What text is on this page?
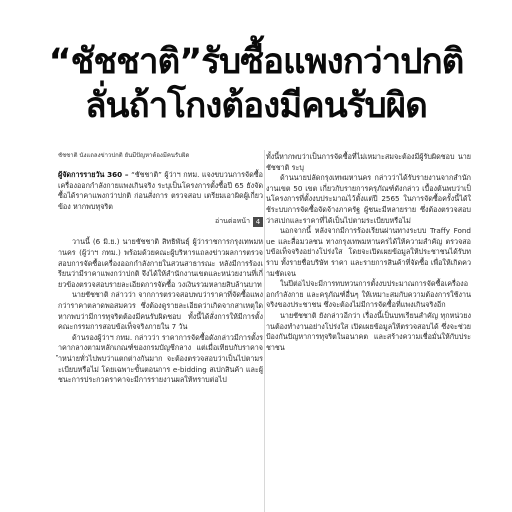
“ชัชชาติ”รับซื้อแพงกว่าปกติ
ลั่นถ้าโกงต้องมีคนรับผิด

ชัชชาติ นั่งแถลงข่าวปกติ ยันมีปัญหาต้องมีคนรับผิด

ผู้จัดการรายวัน 360 – “ชัชชาติ” ผู้ว่าฯ กทม. แจงขบวนการจัดซื้อเครื่องออกกำลังกายแพงเกินจริง ระบุเป็นโครงการตั้งซื้อปี 65 ยังจัดซื้อได้ราคาแพงกว่าปกติ ก่อนสั่งการ ตรวจสอบ เตรียมเอาผิดผู้เกี่ยวข้อง หากพบทุจริต

อ่านต่อหน้า 4

วานนี้ (6 มิ.ย.) นายชัชชาติ สิทธิพันธุ์ ผู้ว่าราชการกรุงเทพมหานคร (ผู้ว่าฯ กทม.) พร้อมด้วยคณะผู้บริหารแถลงข่าวผลการตรวจสอบการจัดซื้อเครื่องออกกำลังกายในสวนสาธารณะ หลังมีการร้องเรียนว่ามีราคาแพงกว่าปกติ จึงได้ให้สำนักงานเขตและหน่วยงานที่เกี่ยวข้องตรวจสอบรายละเอียดการจัดซื้อ วงเงินรวมหลายสิบล้านบาท

นายชัชชาติ กล่าวว่า จากการตรวจสอบพบว่าราคาที่จัดซื้อแพงกว่าราคาตลาดพอสมควร ซึ่งต้องดูรายละเอียดว่าเกิดจากสาเหตุใด หากพบว่ามีการทุจริตต้องมีคนรับผิดชอบ ทั้งนี้ได้สั่งการให้มีการตั้งคณะกรรมการสอบข้อเท็จจริงภายใน 7 วัน

ด้านรองผู้ว่าฯ กทม. กล่าวว่า ราคาการจัดซื้อดังกล่าวมีการตั้งราคากลางตามหลักเกณฑ์ของกรมบัญชีกลาง แต่เมื่อเทียบกับราคาจำหน่ายทั่วไปพบว่าแตกต่างกันมาก จะต้องตรวจสอบว่าเป็นไปตามระเบียบหรือไม่ โดยเฉพาะขั้นตอนการ e-bidding สเปกสินค้า และผู้ชนะการประกวดราคาจะมีการรายงานผลให้ทราบต่อไป

ทั้งนี้หากพบว่าเป็นการจัดซื้อที่ไม่เหมาะสมจะต้องมีผู้รับผิดชอบ นายชัชชาติ ระบุ

ด้านนายปลัดกรุงเทพมหานคร กล่าวว่าได้รับรายงานจากสำนักงานเขต 50 เขต เกี่ยวกับรายการครุภัณฑ์ดังกล่าว เบื้องต้นพบว่าเป็นโครงการที่ตั้งงบประมาณไว้ตั้งแต่ปี 2565 ในการจัดซื้อครั้งนี้ได้ใช้ระบบการจัดซื้อจัดจ้างภาครัฐ ผู้ชนะมีหลายราย ซึ่งต้องตรวจสอบว่าสเปกและราคาที่ได้เป็นไปตามระเบียบหรือไม่

นอกจากนี้ หลังจากมีการร้องเรียนผ่านทางระบบ Traffy Fondue และสื่อมวลชน ทางกรุงเทพมหานครได้ให้ความสำคัญ ตรวจสอบข้อเท็จจริงอย่างโปร่งใส โดยจะเปิดเผยข้อมูลให้ประชาชนได้รับทราบ ทั้งรายชื่อบริษัท ราคา และรายการสินค้าที่จัดซื้อ เพื่อให้เกิดความชัดเจน

ในปีต่อไปจะมีการทบทวนการตั้งงบประมาณการจัดซื้อเครื่องออกกำลังกาย และครุภัณฑ์อื่นๆ ให้เหมาะสมกับความต้องการใช้งานจริงของประชาชน ซึ่งจะต้องไม่มีการจัดซื้อที่แพงเกินจริงอีก

นายชัชชาติ ยังกล่าวอีกว่า เรื่องนี้เป็นบทเรียนสำคัญ ทุกหน่วยงานต้องทำงานอย่างโปร่งใส เปิดเผยข้อมูลให้ตรวจสอบได้ ซึ่งจะช่วยป้องกันปัญหาการทุจริตในอนาคต และสร้างความเชื่อมั่นให้กับประชาชน
